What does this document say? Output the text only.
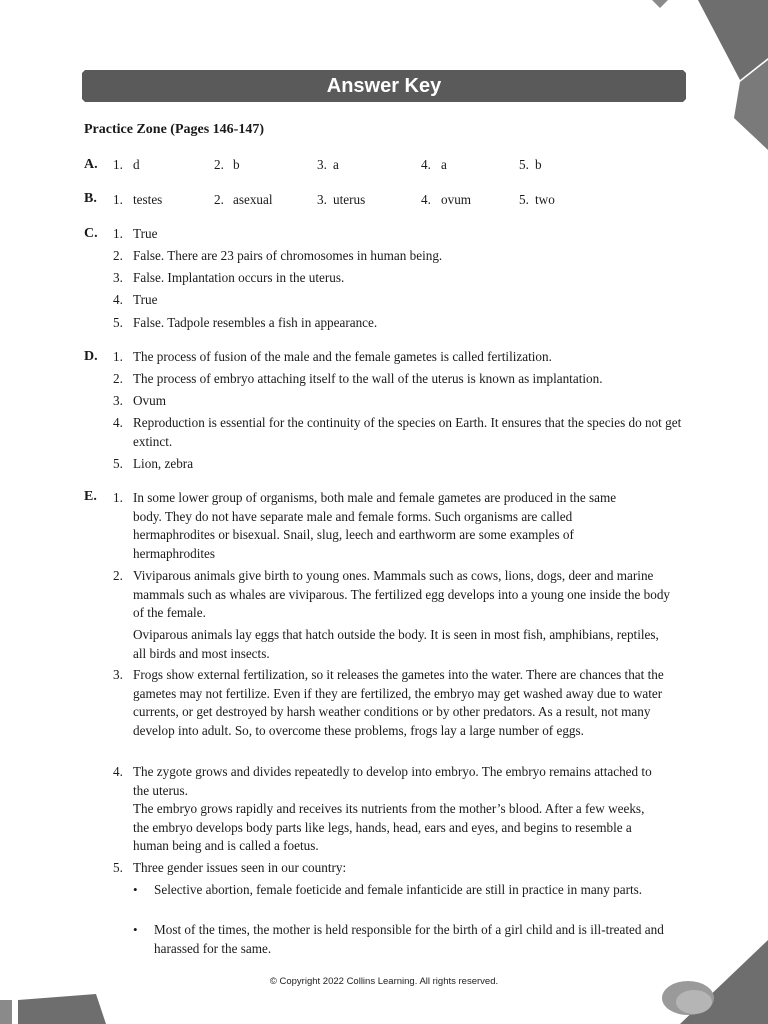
Answer Key
Practice Zone (Pages 146-147)
A. 1. d	2. b	3. a	4. a	5. b
B. 1. testes	2. asexual	3. uterus	4. ovum	5. two
C. 1. True
2. False. There are 23 pairs of chromosomes in human being.
3. False. Implantation occurs in the uterus.
4. True
5. False. Tadpole resembles a fish in appearance.
D. 1. The process of fusion of the male and the female gametes is called fertilization.
2. The process of embryo attaching itself to the wall of the uterus is known as implantation.
3. Ovum
4. Reproduction is essential for the continuity of the species on Earth. It ensures that the species do not get extinct.
5. Lion, zebra
E. 1. In some lower group of organisms, both male and female gametes are produced in the same body. They do not have separate male and female forms. Such organisms are called hermaphrodites or bisexual. Snail, slug, leech and earthworm are some examples of hermaphrodites
2. Viviparous animals give birth to young ones. Mammals such as cows, lions, dogs, deer and marine mammals such as whales are viviparous. The fertilized egg develops into a young one inside the body of the female.
Oviparous animals lay eggs that hatch outside the body. It is seen in most fish, amphibians, reptiles, all birds and most insects.
3. Frogs show external fertilization, so it releases the gametes into the water. There are chances that the gametes may not fertilize. Even if they are fertilized, the embryo may get washed away due to water currents, or get destroyed by harsh weather conditions or by other predators. As a result, not many develop into adult. So, to overcome these problems, frogs lay a large number of eggs.
4. The zygote grows and divides repeatedly to develop into embryo. The embryo remains attached to the uterus.
The embryo grows rapidly and receives its nutrients from the mother’s blood. After a few weeks, the embryo develops body parts like legs, hands, head, ears and eyes, and begins to resemble a human being and is called a foetus.
5. Three gender issues seen in our country:
• Selective abortion, female foeticide and female infanticide are still in practice in many parts.
• Most of the times, the mother is held responsible for the birth of a girl child and is ill-treated and harassed for the same.
© Copyright 2022 Collins Learning. All rights reserved.
